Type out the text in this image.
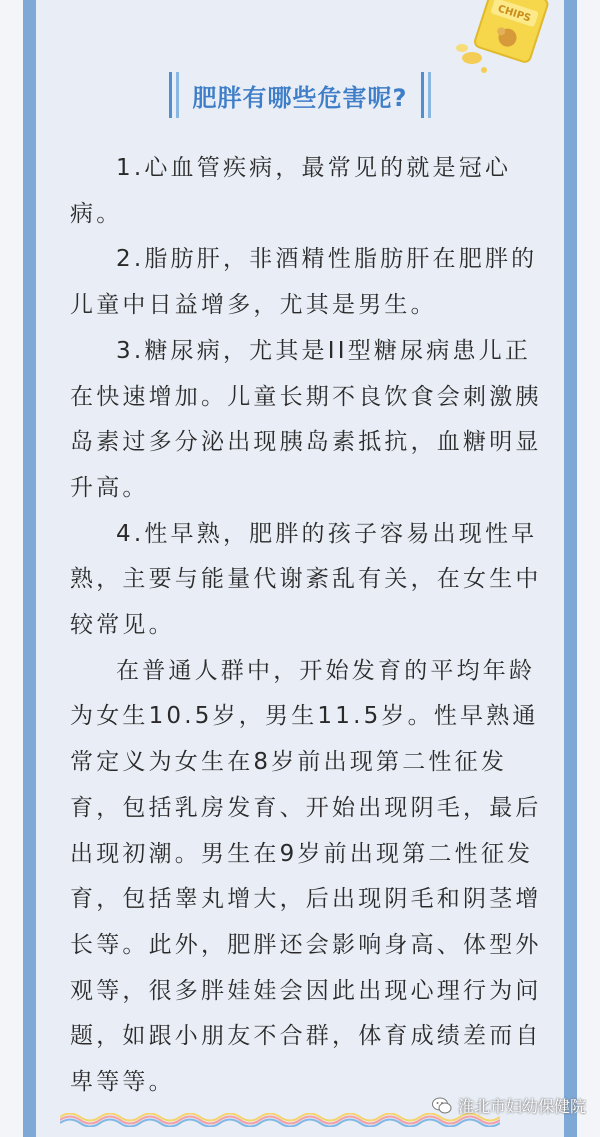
CHIPS
肥胖有哪些危害呢?

1.心血管疾病，最常见的就是冠心病。

2.脂肪肝，非酒精性脂肪肝在肥胖的儿童中日益增多，尤其是男生。

3.糖尿病，尤其是II型糖尿病患儿正在快速增加。儿童长期不良饮食会刺激胰岛素过多分泌出现胰岛素抵抗，血糖明显升高。

4.性早熟，肥胖的孩子容易出现性早熟，主要与能量代谢紊乱有关，在女生中较常见。

在普通人群中，开始发育的平均年龄为女生10.5岁，男生11.5岁。性早熟通常定义为女生在8岁前出现第二性征发育，包括乳房发育、开始出现阴毛，最后出现初潮。男生在9岁前出现第二性征发育，包括睾丸增大，后出现阴毛和阴茎增长等。此外，肥胖还会影响身高、体型外观等，很多胖娃娃会因此出现心理行为问题，如跟小朋友不合群，体育成绩差而自卑等等。

淮北市妇幼保健院
